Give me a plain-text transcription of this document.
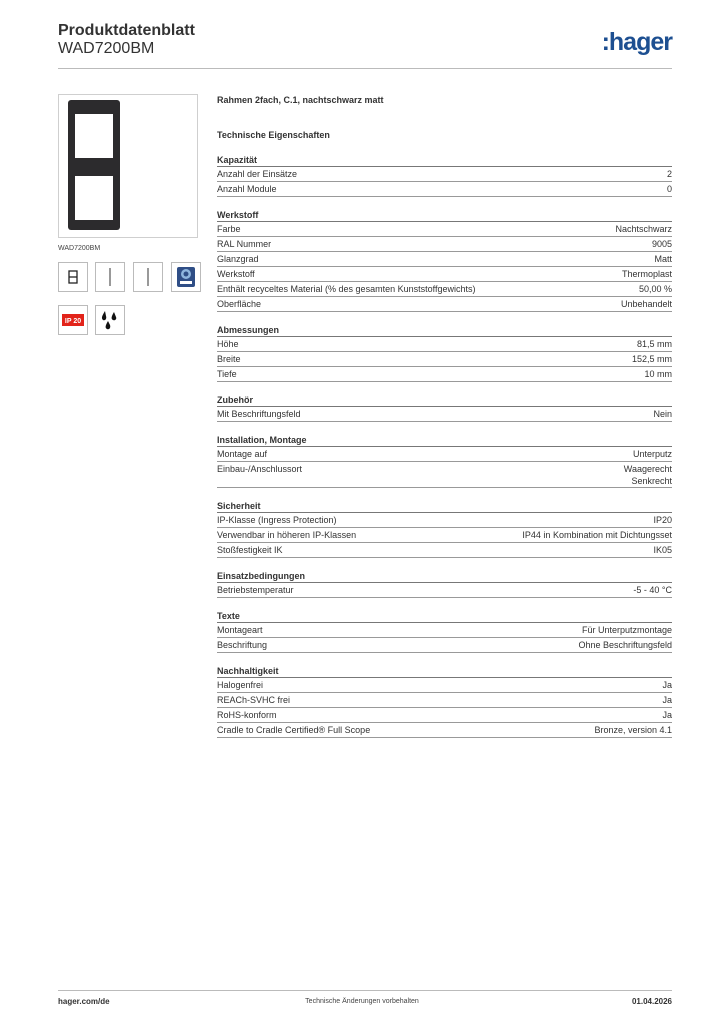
Produktdatenblatt
WAD7200BM	:hager
WAD7200BM
IP 20
Rahmen 2fach, C.1, nachtschwarz matt
Technische Eigenschaften
Kapazität
Anzahl der Einsätze	2
Anzahl Module	0
Werkstoff
Farbe	Nachtschwarz
RAL Nummer	9005
Glanzgrad	Matt
Werkstoff	Thermoplast
Enthält recyceltes Material (% des gesamten Kunststoffgewichts)	50,00 %
Oberfläche	Unbehandelt
Abmessungen
Höhe	81,5 mm
Breite	152,5 mm
Tiefe	10 mm
Zubehör
Mit Beschriftungsfeld	Nein
Installation, Montage
Montage auf	Unterputz
Einbau-/Anschlussort	Waagerecht
Senkrecht
Sicherheit
IP-Klasse (Ingress Protection)	IP20
Verwendbar in höheren IP-Klassen	IP44 in Kombination mit Dichtungsset
Stoßfestigkeit IK	IK05
Einsatzbedingungen
Betriebstemperatur	-5 - 40 °C
Texte
Montageart	Für Unterputzmontage
Beschriftung	Ohne Beschriftungsfeld
Nachhaltigkeit
Halogenfrei	Ja
REACh-SVHC frei	Ja
RoHS-konform	Ja
Cradle to Cradle Certified® Full Scope	Bronze, version 4.1
hager.com/de	Technische Änderungen vorbehalten	01.04.2026
